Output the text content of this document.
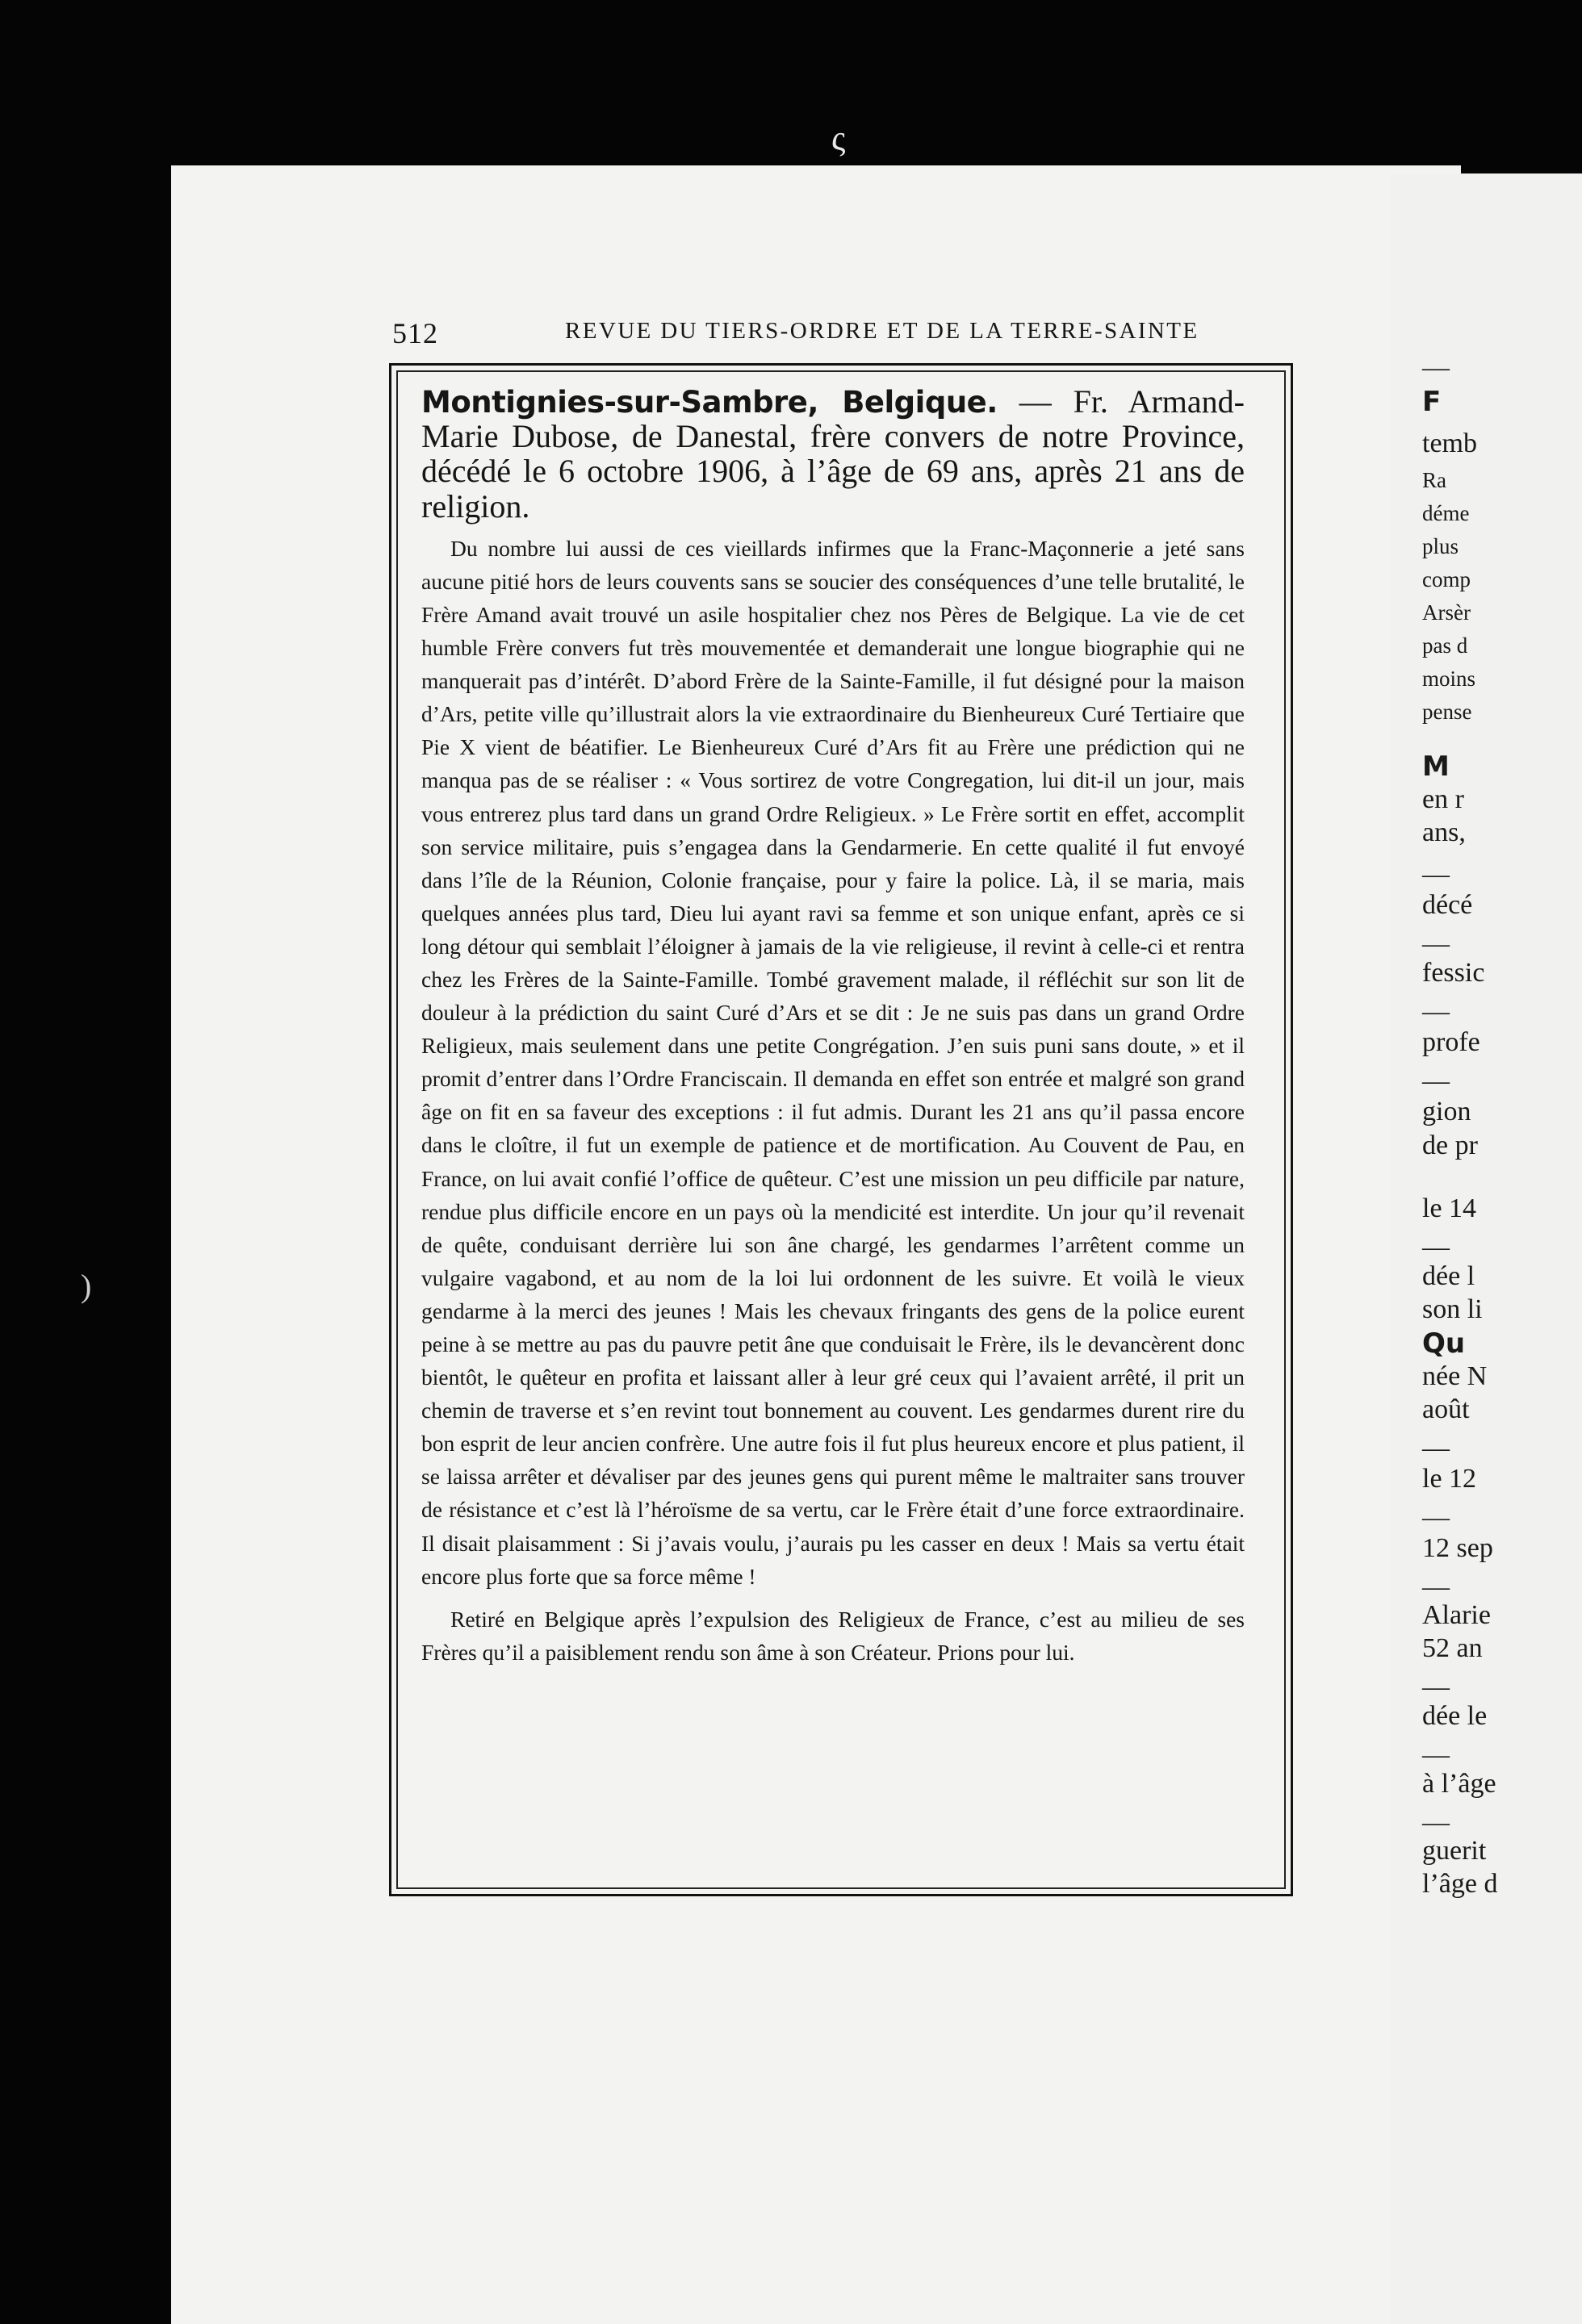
—
F
temb
Ra
déme
plus
comp
Arsèr
pas d
moins
pense
M
en r
ans,
—
décé
—
fessic
—
profe
—
gion
de pr
le 14
—
dée l
son li
Qu
née N
août
—
le 12
—
12 sep
—
Alarie
52 an
—
dée le
—
à l’âge
—
guerit
l’âge d
ς
)
512	REVUE DU TIERS-ORDRE ET DE LA TERRE-SAINTE

Montignies-sur-Sambre, Belgique. — Fr. Armand-Marie Dubose, de Danestal, frère convers de notre Province, décédé le 6 octobre 1906, à l’âge de 69 ans, après 21 ans de religion.

Du nombre lui aussi de ces vieillards infirmes que la Franc-Maçonnerie a jeté sans aucune pitié hors de leurs couvents sans se soucier des conséquences d’une telle brutalité, le Frère Amand avait trouvé un asile hospitalier chez nos Pères de Belgique. La vie de cet humble Frère convers fut très mouvementée et demanderait une longue biographie qui ne manquerait pas d’intérêt. D’abord Frère de la Sainte-Famille, il fut désigné pour la maison d’Ars, petite ville qu’illustrait alors la vie extraordinaire du Bienheureux Curé Tertiaire que Pie X vient de béatifier. Le Bienheureux Curé d’Ars fit au Frère une prédiction qui ne manqua pas de se réaliser : « Vous sortirez de votre Congregation, lui dit-il un jour, mais vous entrerez plus tard dans un grand Ordre Religieux. » Le Frère sortit en effet, accomplit son service militaire, puis s’engagea dans la Gendarmerie. En cette qualité il fut envoyé dans l’île de la Réunion, Colonie française, pour y faire la police. Là, il se maria, mais quelques années plus tard, Dieu lui ayant ravi sa femme et son unique enfant, après ce si long détour qui semblait l’éloigner à jamais de la vie religieuse, il revint à celle-ci et rentra chez les Frères de la Sainte-Famille. Tombé gravement malade, il réfléchit sur son lit de douleur à la prédiction du saint Curé d’Ars et se dit : Je ne suis pas dans un grand Ordre Religieux, mais seulement dans une petite Congrégation. J’en suis puni sans doute, » et il promit d’entrer dans l’Ordre Franciscain. Il demanda en effet son entrée et malgré son grand âge on fit en sa faveur des exceptions : il fut admis. Durant les 21 ans qu’il passa encore dans le cloître, il fut un exemple de patience et de mortification. Au Couvent de Pau, en France, on lui avait confié l’office de quêteur. C’est une mission un peu difficile par nature, rendue plus difficile encore en un pays où la mendicité est interdite. Un jour qu’il revenait de quête, conduisant derrière lui son âne chargé, les gendarmes l’arrêtent comme un vulgaire vagabond, et au nom de la loi lui ordonnent de les suivre. Et voilà le vieux gendarme à la merci des jeunes ! Mais les chevaux fringants des gens de la police eurent peine à se mettre au pas du pauvre petit âne que conduisait le Frère, ils le devancèrent donc bientôt, le quêteur en profita et laissant aller à leur gré ceux qui l’avaient arrêté, il prit un chemin de traverse et s’en revint tout bonnement au couvent. Les gendarmes durent rire du bon esprit de leur ancien confrère. Une autre fois il fut plus heureux encore et plus patient, il se laissa arrêter et dévaliser par des jeunes gens qui purent même le maltraiter sans trouver de résistance et c’est là l’héroïsme de sa vertu, car le Frère était d’une force extraordinaire. Il disait plaisamment : Si j’avais voulu, j’aurais pu les casser en deux ! Mais sa vertu était encore plus forte que sa force même !

Retiré en Belgique après l’expulsion des Religieux de France, c’est au milieu de ses Frères qu’il a paisiblement rendu son âme à son Créateur. Prions pour lui.
